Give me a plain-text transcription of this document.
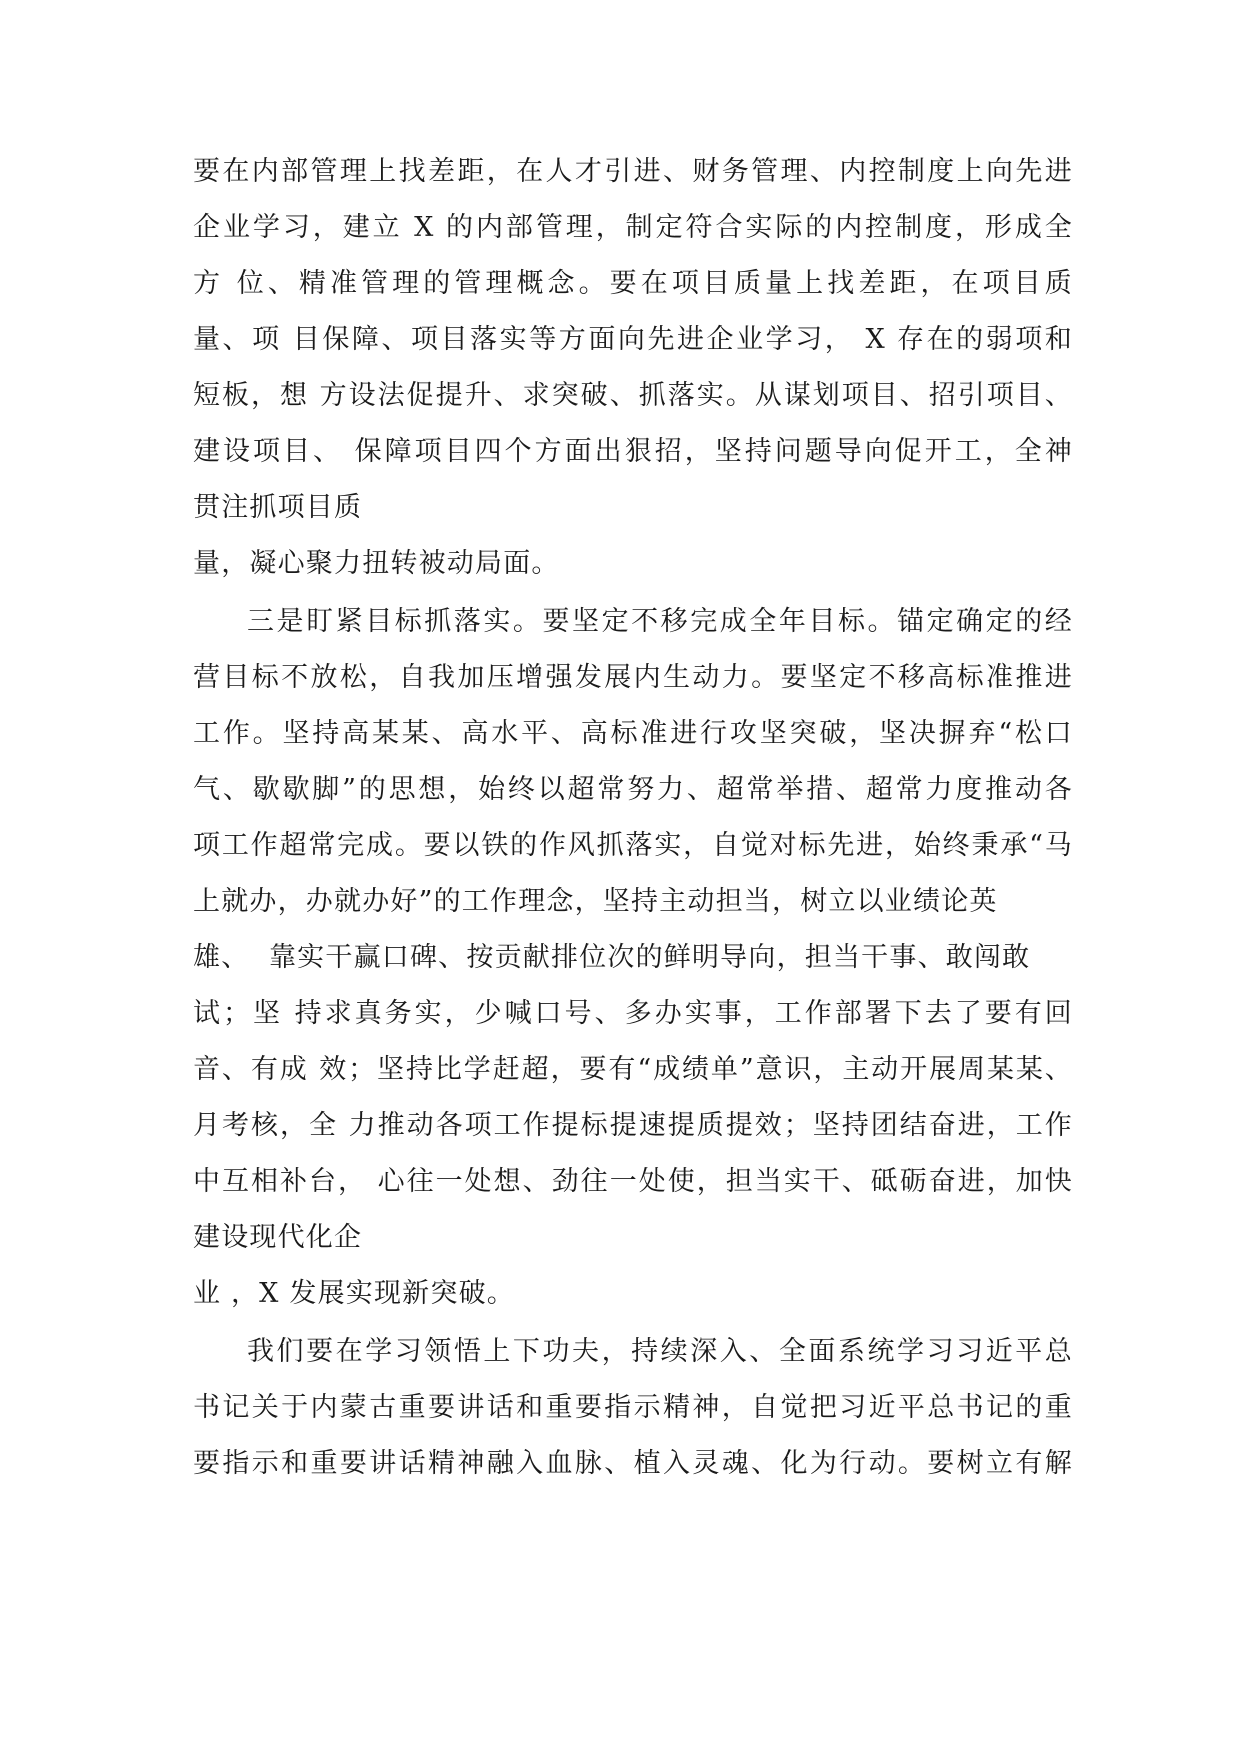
要在内部管理上找差距，在人才引进、财务管理、内控制度上向先进
企业学习，建立 X 的内部管理，制定符合实际的内控制度，形成全
方 位、精准管理的管理概念。要在项目质量上找差距，在项目质
量、项 目保障、项目落实等方面向先进企业学习， X 存在的弱项和
短板，想 方设法促提升、求突破、抓落实。从谋划项目、招引项目、
建设项目、 保障项目四个方面出狠招，坚持问题导向促开工，全神
贯注抓项目质
量，凝心聚力扭转被动局面。
三是盯紧目标抓落实。要坚定不移完成全年目标。锚定确定的经
营目标不放松，自我加压增强发展内生动力。要坚定不移高标准推进
工作。坚持高某某、高水平、高标准进行攻坚突破，坚决摒弃“松口
气、歇歇脚”的思想，始终以超常努力、超常举措、超常力度推动各
项工作超常完成。要以铁的作风抓落实，自觉对标先进，始终秉承“马
上就办，办就办好”的工作理念，坚持主动担当，树立以业绩论英
雄、  靠实干赢口碑、按贡献排位次的鲜明导向，担当干事、敢闯敢
试；坚 持求真务实，少喊口号、多办实事，工作部署下去了要有回
音、有成 效；坚持比学赶超，要有“成绩单”意识，主动开展周某某、
月考核，全 力推动各项工作提标提速提质提效；坚持团结奋进，工作
中互相补台， 心往一处想、劲往一处使，担当实干、砥砺奋进，加快
建设现代化企
业 ，X 发展实现新突破。
我们要在学习领悟上下功夫，持续深入、全面系统学习习近平总
书记关于内蒙古重要讲话和重要指示精神，自觉把习近平总书记的重
要指示和重要讲话精神融入血脉、植入灵魂、化为行动。要树立有解
